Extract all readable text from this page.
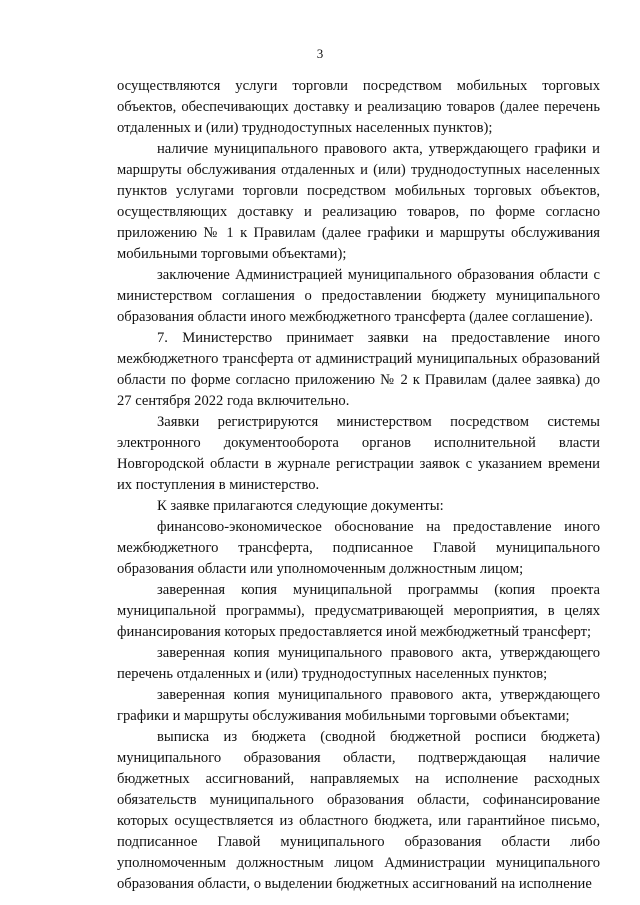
3

осуществляются услуги торговли посредством мобильных торговых объектов, обеспечивающих доставку и реализацию товаров (далее перечень отдаленных и (или) труднодоступных населенных пунктов);

наличие муниципального правового акта, утверждающего графики и маршруты обслуживания отдаленных и (или) труднодоступных населенных пунктов услугами торговли посредством мобильных торговых объектов, осуществляющих доставку и реализацию товаров, по форме согласно приложению № 1 к Правилам (далее графики и маршруты обслуживания мобильными торговыми объектами);

заключение Администрацией муниципального образования области с министерством соглашения о предоставлении бюджету муниципального образования области иного межбюджетного трансферта (далее соглашение).

7. Министерство принимает заявки на предоставление иного межбюджетного трансферта от администраций муниципальных образований области по форме согласно приложению № 2 к Правилам (далее заявка) до 27 сентября 2022 года включительно.

Заявки регистрируются министерством посредством системы электронного документооборота органов исполнительной власти Новгородской области в журнале регистрации заявок с указанием времени их поступления в министерство.

К заявке прилагаются следующие документы:

финансово-экономическое обоснование на предоставление иного межбюджетного трансферта, подписанное Главой муниципального образования области или уполномоченным должностным лицом;

заверенная копия муниципальной программы (копия проекта муниципальной программы), предусматривающей мероприятия, в целях финансирования которых предоставляется иной межбюджетный трансферт;

заверенная копия муниципального правового акта, утверждающего перечень отдаленных и (или) труднодоступных населенных пунктов;

заверенная копия муниципального правового акта, утверждающего графики и маршруты обслуживания мобильными торговыми объектами;

выписка из бюджета (сводной бюджетной росписи бюджета) муниципального образования области, подтверждающая наличие бюджетных ассигнований, направляемых на исполнение расходных обязательств муниципального образования области, софинансирование которых осуществляется из областного бюджета, или гарантийное письмо, подписанное Главой муниципального образования области либо уполномоченным должностным лицом Администрации муниципального образования области, о выделении бюджетных ассигнований на исполнение
